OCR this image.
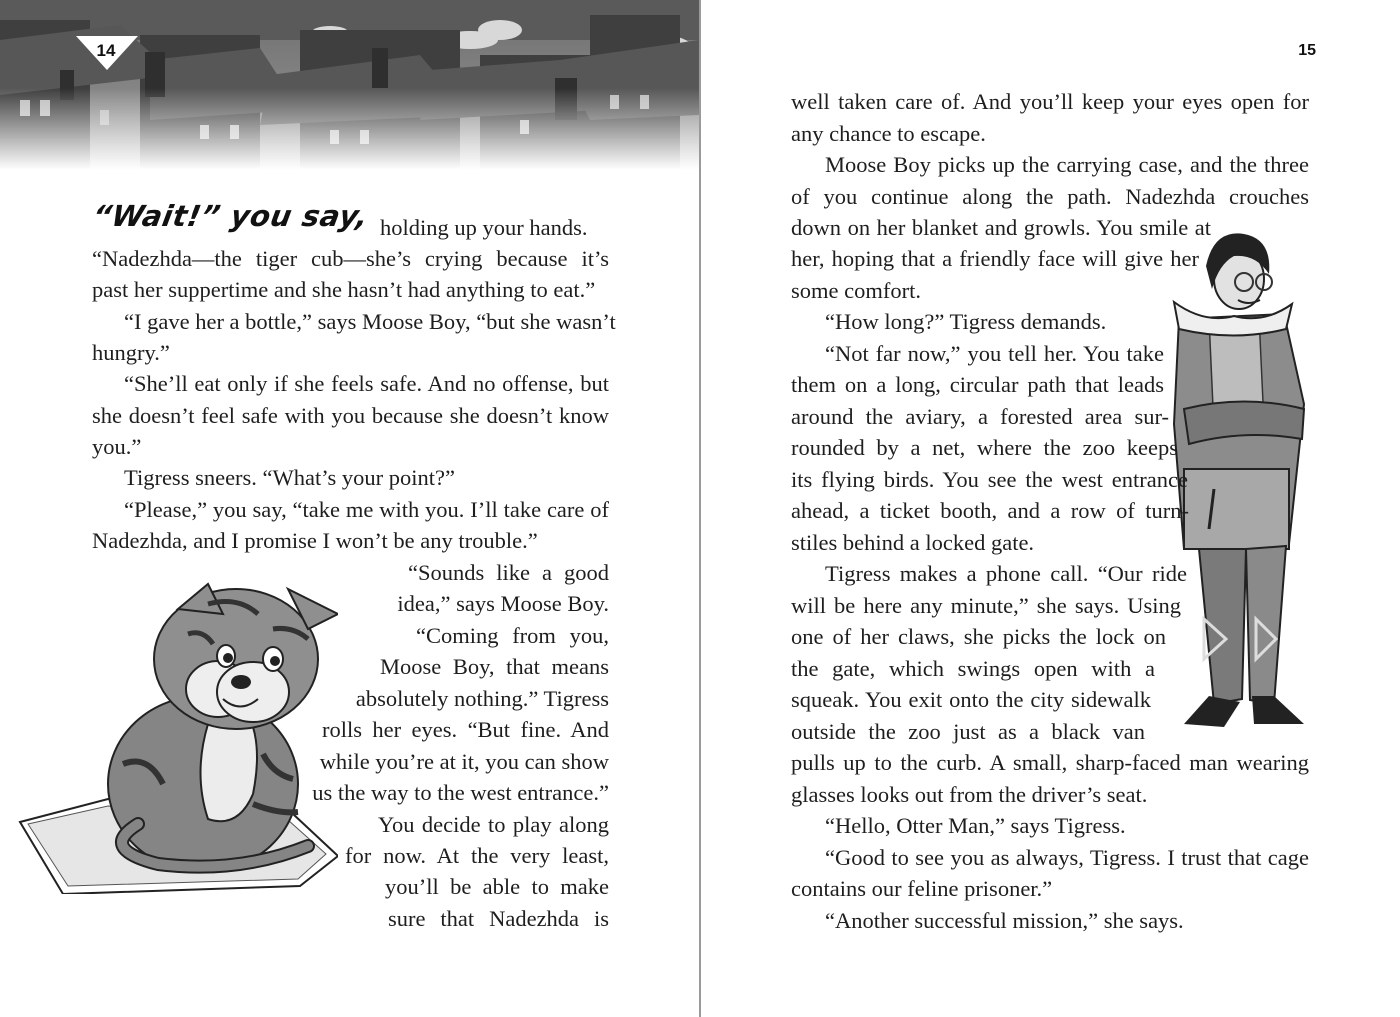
14
“Wait!” you say, holding up your hands.
“Nadezhda—the tiger cub—she’s crying because it’s
past her suppertime and she hasn’t had anything to eat.”
“I gave her a bottle,” says Moose Boy, “but she wasn’t
hungry.”
“She’ll eat only if she feels safe. And no offense, but
she doesn’t feel safe with you because she doesn’t know
you.”
Tigress sneers. “What’s your point?”
“Please,” you say, “take me with you. I’ll take care of
Nadezhda, and I promise I won’t be any trouble.”
“Sounds like a good
idea,” says Moose Boy.
“Coming from you,
Moose Boy, that means
absolutely nothing.” Tigress
rolls her eyes. “But fine. And
while you’re at it, you can show
us the way to the west entrance.”
You decide to play along
for now. At the very least,
you’ll be able to make
sure that Nadezhda is
15
well taken care of. And you’ll keep your eyes open for
any chance to escape.
Moose Boy picks up the carrying case, and the three
of you continue along the path. Nadezhda crouches
down on her blanket and growls. You smile at
her, hoping that a friendly face will give her
some comfort.
“How long?” Tigress demands.
“Not far now,” you tell her. You take
them on a long, circular path that leads
around the aviary, a forested area sur-
rounded by a net, where the zoo keeps
its flying birds. You see the west entrance
ahead, a ticket booth, and a row of turn-
stiles behind a locked gate.
Tigress makes a phone call. “Our ride
will be here any minute,” she says. Using
one of her claws, she picks the lock on
the gate, which swings open with a
squeak. You exit onto the city sidewalk
outside the zoo just as a black van
pulls up to the curb. A small, sharp-faced man wearing
glasses looks out from the driver’s seat.
“Hello, Otter Man,” says Tigress.
“Good to see you as always, Tigress. I trust that cage
contains our feline prisoner.”
“Another successful mission,” she says.
